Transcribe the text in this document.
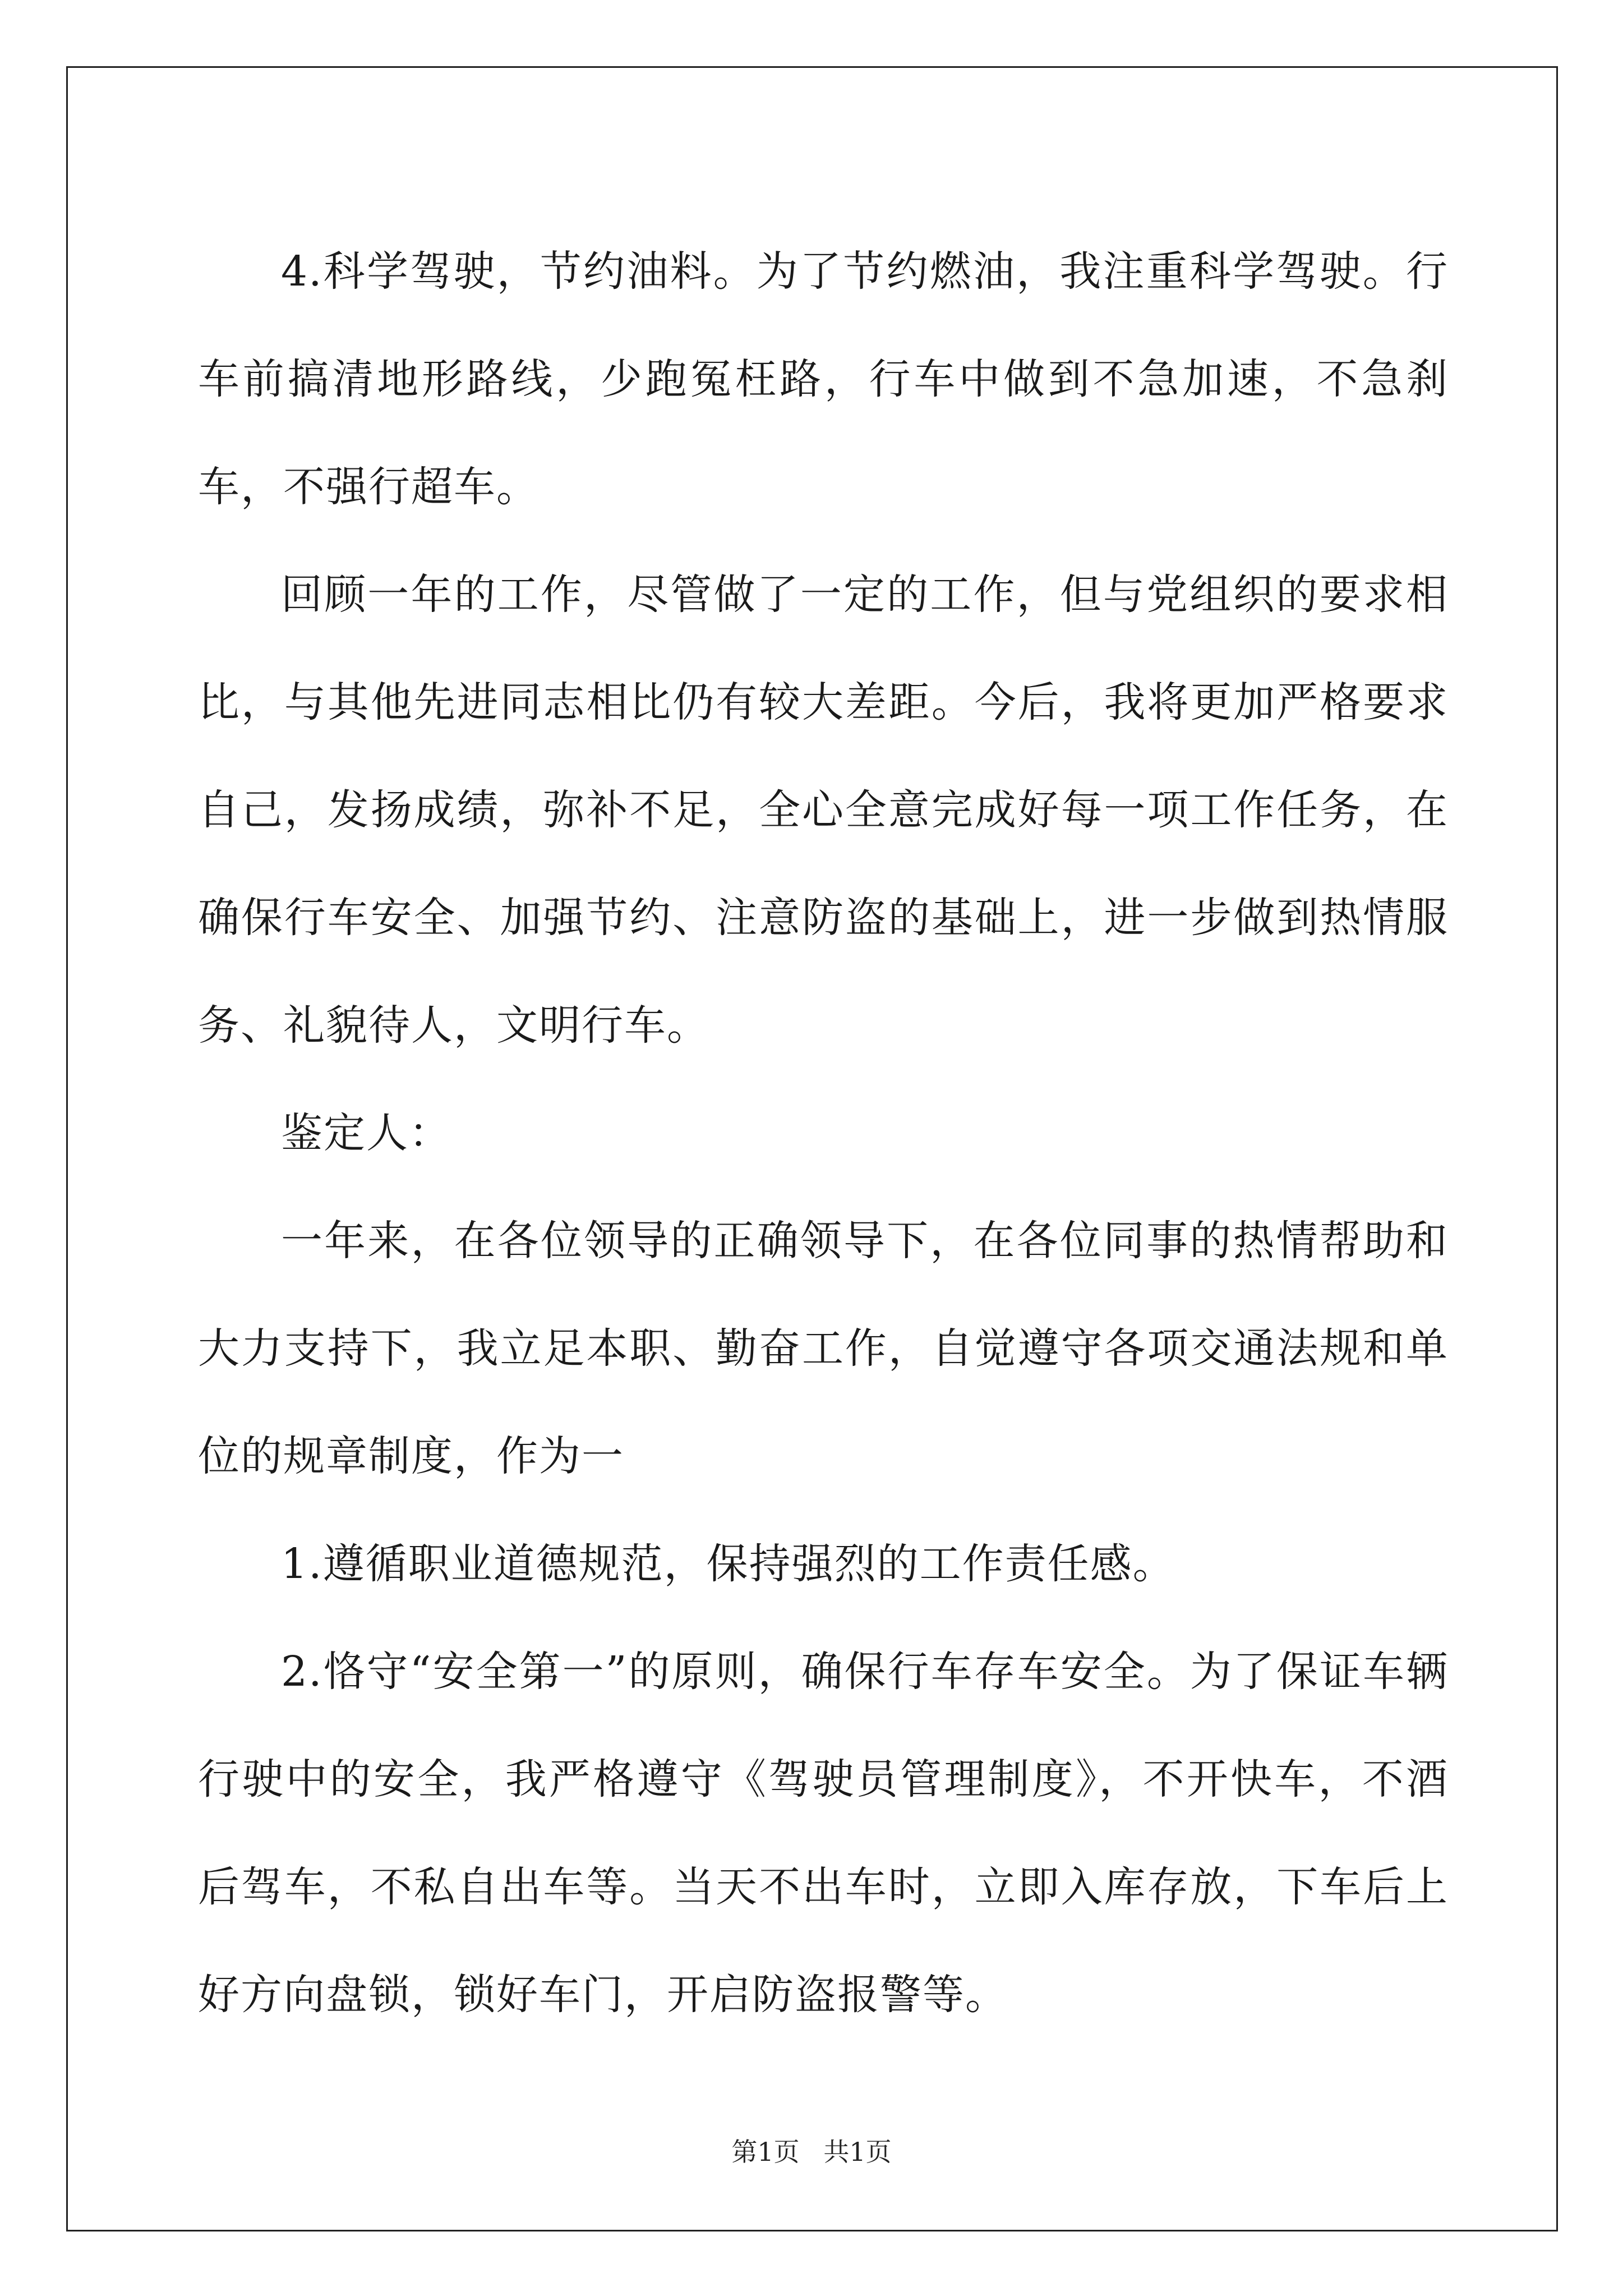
4.科学驾驶，节约油料。为了节约燃油，我注重科学驾驶。行车前搞清地形路线，少跑冤枉路，行车中做到不急加速，不急刹车，不强行超车。

回顾一年的工作，尽管做了一定的工作，但与党组织的要求相比，与其他先进同志相比仍有较大差距。今后，我将更加严格要求自己，发扬成绩，弥补不足，全心全意完成好每一项工作任务，在确保行车安全、加强节约、注意防盗的基础上，进一步做到热情服务、礼貌待人，文明行车。

鉴定人：

一年来，在各位领导的正确领导下，在各位同事的热情帮助和大力支持下，我立足本职、勤奋工作，自觉遵守各项交通法规和单位的规章制度，作为一

1.遵循职业道德规范，保持强烈的工作责任感。

2.恪守“安全第一”的原则，确保行车存车安全。为了保证车辆行驶中的安全，我严格遵守《驾驶员管理制度》，不开快车，不酒后驾车，不私自出车等。当天不出车时，立即入库存放，下车后上好方向盘锁，锁好车门，开启防盗报警等。

第1页 共1页
